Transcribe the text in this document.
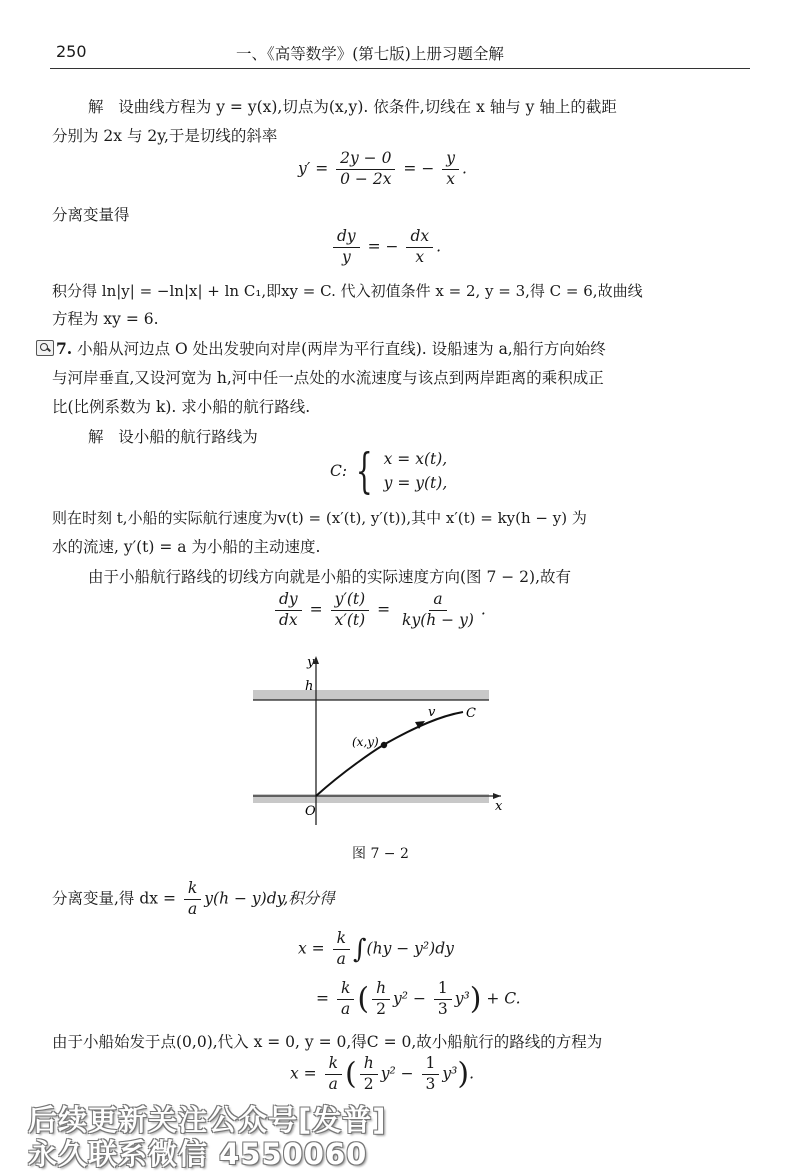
250	一、《高等数学》(第七版)上册习题全解
解 设曲线方程为 y = y(x),切点为(x,y). 依条件,切线在 x 轴与 y 轴上的截距
分别为 2x 与 2y,于是切线的斜率
$y' = \frac{2y - 0}{0 - 2x}$ = − $\frac{y}{x}$ .
分离变量得
$\frac{dy}{y}$ = − $\frac{dx}{x}$ .
积分得 ln|y| = −ln|x| + ln C₁,即xy = C. 代入初值条件 x = 2, y = 3,得 C = 6,故曲线
方程为 xy = 6.
7. 小船从河边点 O 处出发驶向对岸(两岸为平行直线). 设船速为 a,船行方向始终
与河岸垂直,又设河宽为 h,河中任一点处的水流速度与该点到两岸距离的乘积成正
比(比例系数为 k). 求小船的航行路线.
解 设小船的航行路线为
C: { x = x(t),
y = y(t),
则在时刻 t,小船的实际航行速度为v(t) = (x′(t), y′(t)),其中 x′(t) = ky(h − y) 为
水的流速, y′(t) = a 为小船的主动速度.
由于小船航行路线的切线方向就是小船的实际速度方向(图 7 − 2),故有
$\frac{dy}{dx} = \frac{y'(t)}{x'(t)} = \frac{a}{ky(h - y)}$ .
y
h
x
O
v C
(x,y)
图 7 − 2
分离变量,得 dx = $\frac{k}{a} y(h - y)dy$,积分得
$x = \frac{k}{a} \int(hy - y^2)dy$
= $\frac{k}{a}$ ( $\frac{h}{2} y^2 - \frac{1}{3} y^3) + C$.
由于小船始发于点(0,0),代入 x = 0, y = 0,得C = 0,故小船航行的路线的方程为
$x = \frac{k}{a}$ ( $\frac{h}{2} y^2 - \frac{1}{3} y^3$).
后续更新关注公众号[发普]
永久联系微信 4550060
